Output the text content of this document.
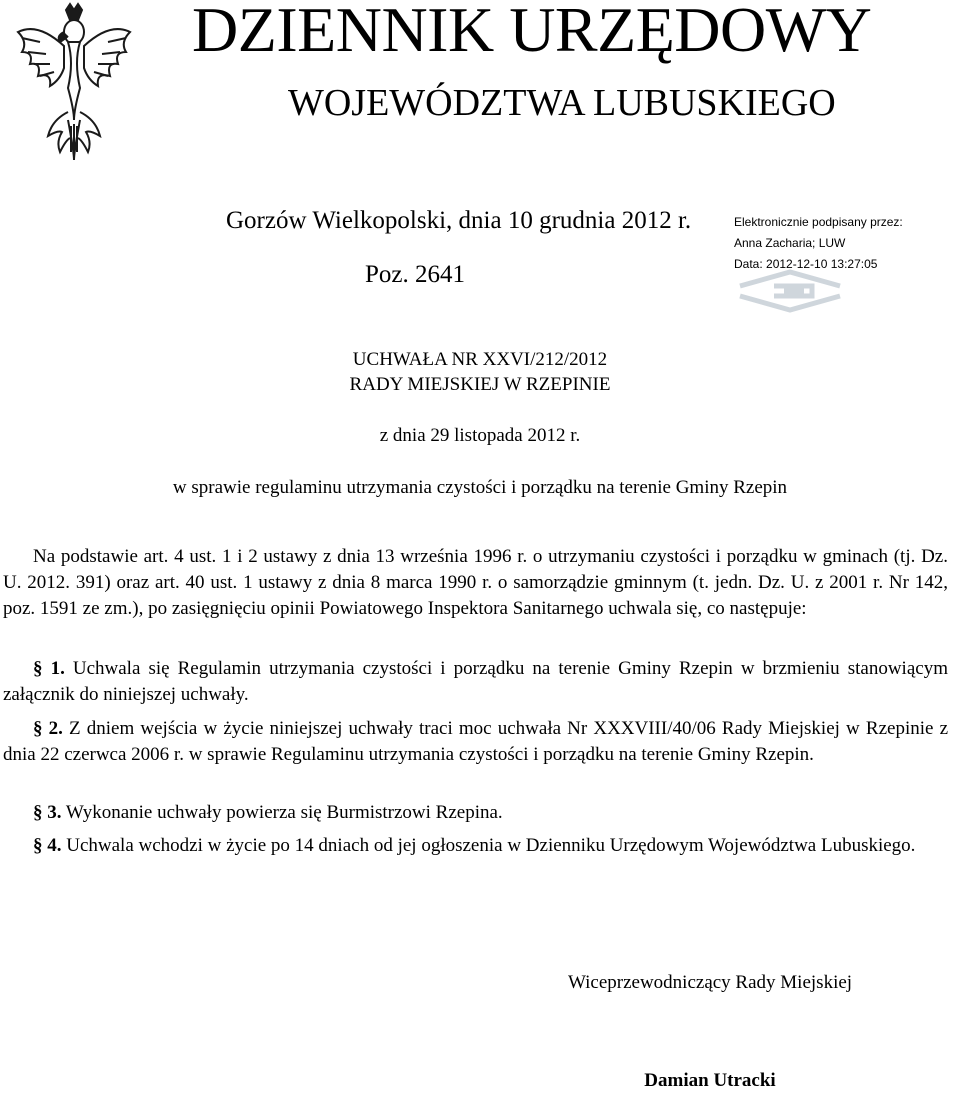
DZIENNIK URZĘDOWY
WOJEWÓDZTWA LUBUSKIEGO
Gorzów Wielkopolski, dnia 10 grudnia 2012 r.
Poz. 2641
Elektronicznie podpisany przez:
Anna Zacharia; LUW
Data: 2012-12-10 13:27:05
UCHWAŁA NR XXVI/212/2012
RADY MIEJSKIEJ W RZEPINIE
z dnia 29 listopada 2012 r.
w sprawie regulaminu utrzymania czystości i porządku na terenie Gminy Rzepin

Na podstawie art. 4 ust. 1 i 2 ustawy z dnia 13 września 1996 r. o utrzymaniu czystości i porządku w gminach (tj. Dz. U. 2012. 391) oraz art. 40 ust. 1 ustawy z dnia 8 marca 1990 r. o samorządzie gminnym (t. jedn. Dz. U. z 2001 r. Nr 142, poz. 1591 ze zm.), po zasięgnięciu opinii Powiatowego Inspektora Sanitarnego uchwala się, co następuje:

§ 1. Uchwala się Regulamin utrzymania czystości i porządku na terenie Gminy Rzepin w brzmieniu stanowiącym załącznik do niniejszej uchwały.

§ 2. Z dniem wejścia w życie niniejszej uchwały traci moc uchwała Nr XXXVIII/40/06 Rady Miejskiej w Rzepinie z dnia 22 czerwca 2006 r. w sprawie Regulaminu utrzymania czystości i porządku na terenie Gminy Rzepin.

§ 3. Wykonanie uchwały powierza się Burmistrzowi Rzepina.

§ 4. Uchwala wchodzi w życie po 14 dniach od jej ogłoszenia w Dzienniku Urzędowym Województwa Lubuskiego.

Wiceprzewodniczący Rady Miejskiej
Damian Utracki
